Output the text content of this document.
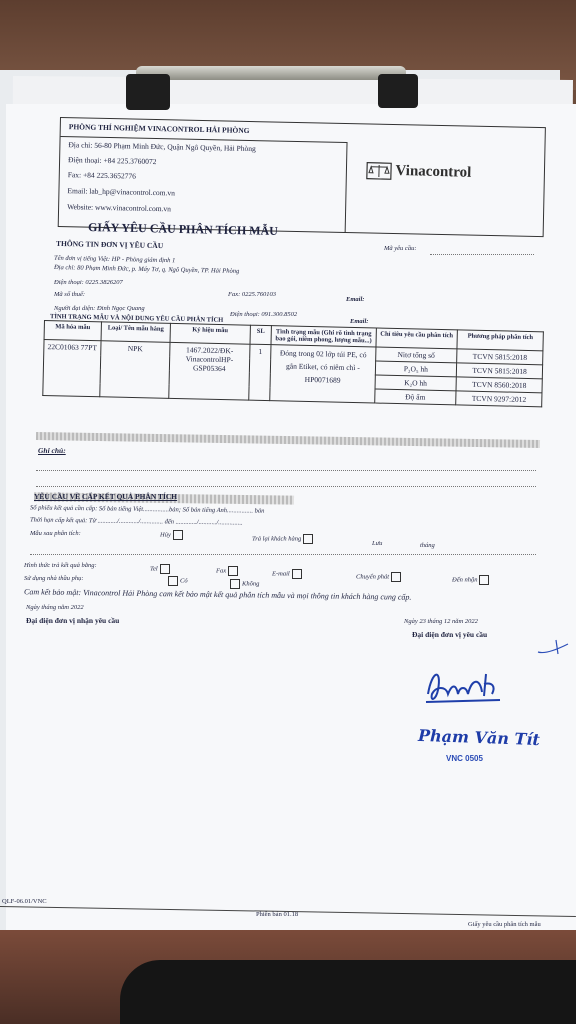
PHÒNG THÍ NGHIỆM VINACONTROL HẢI PHÒNG
Địa chỉ: 56-80 Phạm Minh Đức, Quận Ngô Quyền, Hải Phòng
Điện thoại: +84 225.3760072
Fax: +84 225.3652776
Email: lab_hp@vinacontrol.com.vn
Website: www.vinacontrol.com.vn
Vinacontrol
GIẤY YÊU CẦU PHÂN TÍCH MẪU
THÔNG TIN ĐƠN VỊ YÊU CẦU	Mã yêu cầu:
Tên đơn vị tiếng Việt: HP - Phòng giám định 1
Địa chỉ: 80 Phạm Minh Đức, p. Máy Tơ, q. Ngô Quyền, TP. Hải Phòng
Điện thoại: 0225.3826207
Fax: 0225.760103
Email:
Mã số thuế:
Người đại diện: Đinh Ngọc Quang
Điện thoại: 091.300.8502
Email:
TÌNH TRẠNG MẪU VÀ NỘI DUNG YÊU CẦU PHÂN TÍCH
Mã hóa mẫu	Loại/ Tên mẫu hàng	Ký hiệu mẫu	SL	Tình trạng mẫu (Ghi rõ tình trạng bao gói, niêm phong, lượng mẫu...)	Chỉ tiêu yêu cầu phân tích	Phương pháp phân tích
22C01063 77PT	NPK	1467.2022/ĐK-VinacontrolHP-GSP05364	1	Đóng trong 02 lớp túi PE, có gắn Etiket, có niêm chì - HP0071689	Nitơ tổng số	TCVN 5815:2018
					P₂O₅ hh	TCVN 5815:2018
					K₂O hh	TCVN 8560:2018
					Độ ẩm	TCVN 9297:2012
Ghi chú:
YÊU CẦU VỀ CẤP KẾT QUẢ PHÂN TÍCH
Số phiếu kết quả cần cấp: Số bản tiếng Việt................bản; Số bản tiếng Anh................ bản
Thời hạn cấp kết quả: Từ ............/............/.............. đến ............./.........../...............
Mẫu sau phân tích:	Hủy
Trả lại khách hàng
Lưu	tháng
Hình thức trả kết quả bằng:	Tel	Fax	E-mail	Chuyển phát	Đến nhận
Sử dụng nhà thầu phụ:	Có	Không
Cam kết bảo mật: Vinacontrol Hải Phòng cam kết bảo mật kết quả phân tích mẫu và mọi thông tin khách hàng cung cấp.
Ngày tháng năm 2022
Đại diện đơn vị nhận yêu cầu	Ngày 23 tháng 12 năm 2022
Đại diện đơn vị yêu cầu
Phạm Văn Tít
VNC 0505
QLF-06.01/VNC
Phiên bản 01.18
Giấy yêu cầu phân tích mẫu
